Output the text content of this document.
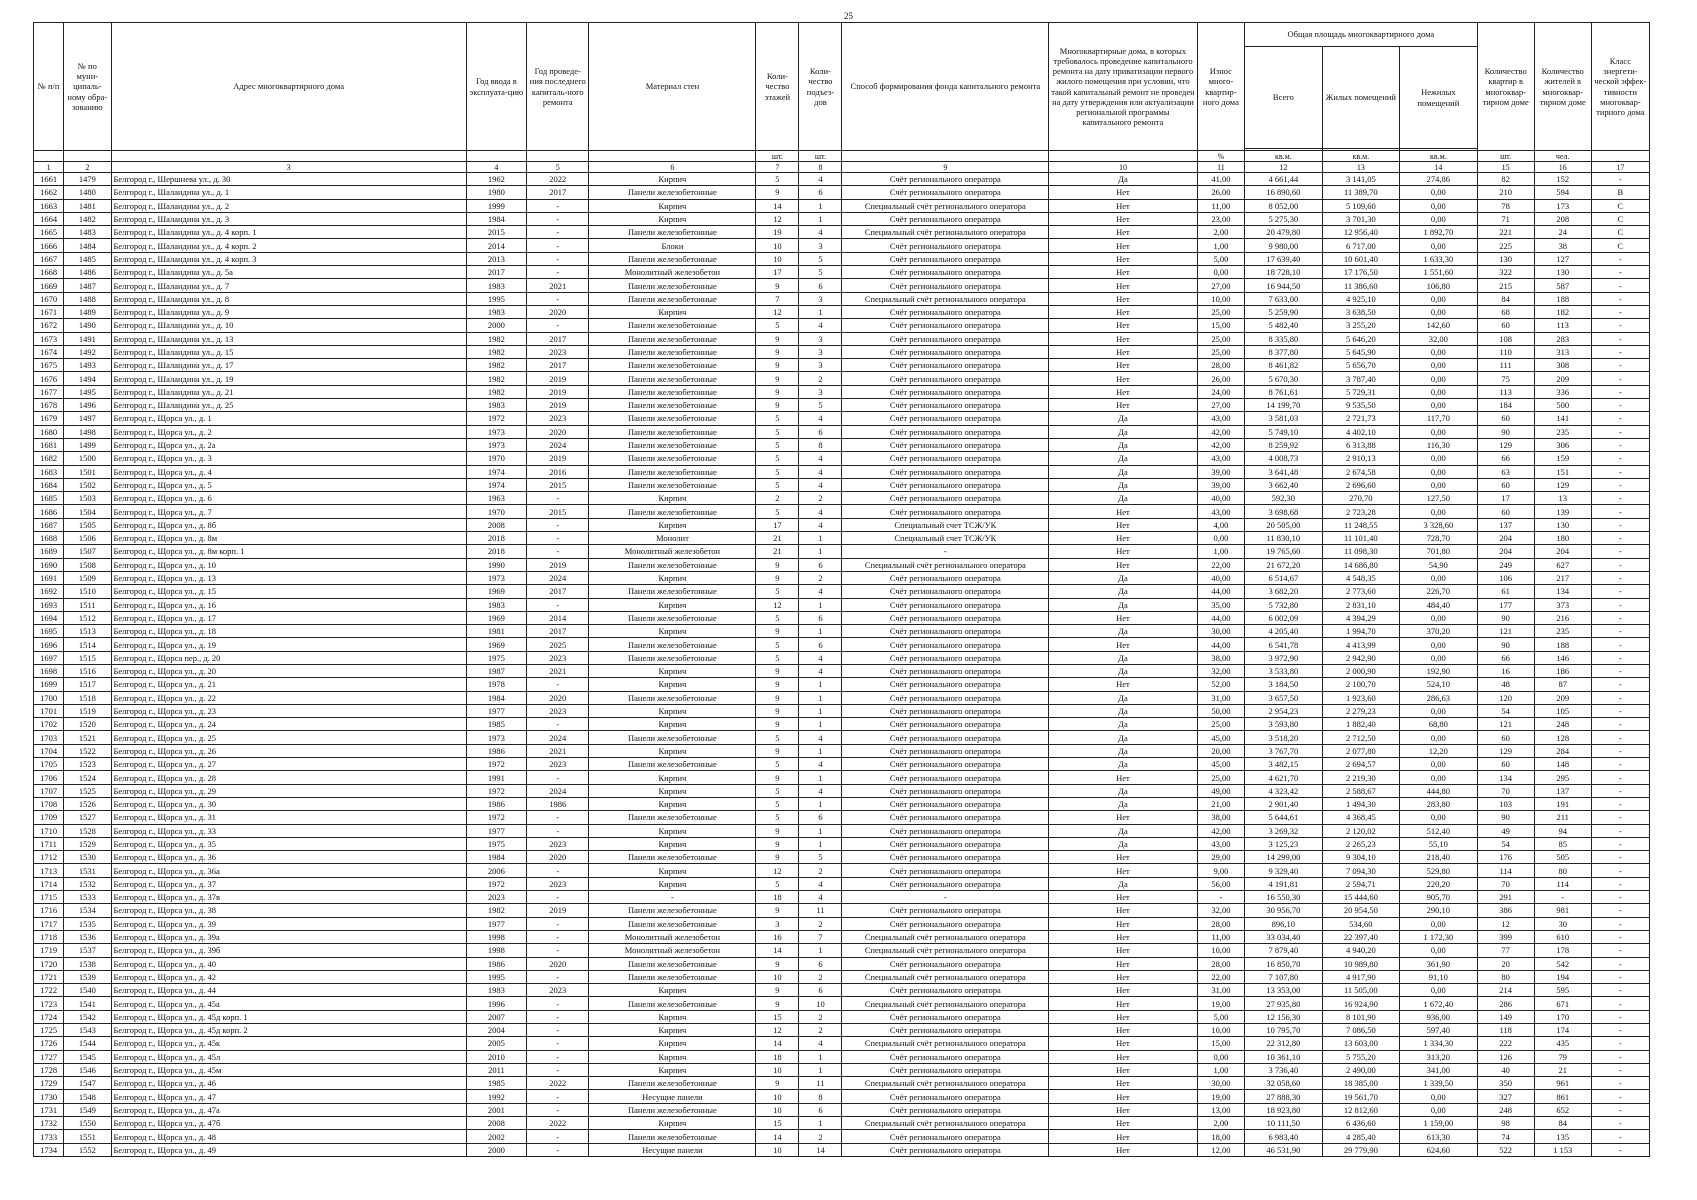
25
№ п/п	№ по муни-ципаль-ному обра-зованию	Адрес многоквартирного дома	Год ввода в эксплуата-цию	Год проведе-ния последнего капиталь-ного ремонта	Материал стен	Коли-чество этажей	Коли-чество подъез-дов	Способ формирования фонда капитального ремонта	Многоквартирные дома, в которых требовалось проведение капитального ремонта на дату приватизации первого жилого помещения при условии, что такой капитальный ремонт не проведен на дату утверждения или актуализации региональной программы капитального ремонта	Износ много-квартир-ного дома	Общая площадь многоквартирного дома			Количество квартир в многоквар-тирном доме	Количество жителей в многоквар-тирном доме	Класс энергети-ческой эффек-тивности многоквар-тирного дома
											Всего	Жилых помещений	Нежилых помещений			

						шт.	шт.			%	кв.м.	кв.м.	кв.м.	шт.	чел.	
1	2	3	4	5	6	7	8	9	10	11	12	13	14	15	16	17
1661	1479	Белгород г., Шершнева ул., д. 30	1962	2022	Кирпич	5	4	Счёт регионального оператора	Да	41,00	4 661,44	3 141,05	274,86	82	152	-
1662	1480	Белгород г., Шаландина ул., д. 1	1980	2017	Панели железобетонные	9	6	Счёт регионального оператора	Нет	26,00	16 890,60	11 389,70	0,00	210	594	B
1663	1481	Белгород г., Шаландина ул., д. 2	1999	-	Кирпич	14	1	Специальный счёт регионального оператора	Нет	11,00	8 052,00	5 109,60	0,00	78	173	C
1664	1482	Белгород г., Шаландина ул., д. 3	1984	-	Кирпич	12	1	Счёт регионального оператора	Нет	23,00	5 275,30	3 701,30	0,00	71	208	C
1665	1483	Белгород г., Шаландина ул., д. 4 корп. 1	2015	-	Панели железобетонные	19	4	Специальный счёт регионального оператора	Нет	2,00	20 479,80	12 956,40	1 892,70	221	24	C
1666	1484	Белгород г., Шаландина ул., д. 4 корп. 2	2014	-	Блоки	10	3	Счёт регионального оператора	Нет	1,00	9 980,00	6 717,00	0,00	225	38	C
1667	1485	Белгород г., Шаландина ул., д. 4 корп. 3	2013	-	Панели железобетонные	10	5	Счёт регионального оператора	Нет	5,00	17 639,40	10 601,40	1 633,30	130	127	-
1668	1486	Белгород г., Шаландина ул., д. 5а	2017	-	Монолитный железобетон	17	5	Счёт регионального оператора	Нет	0,00	18 728,10	17 176,50	1 551,60	322	130	-
1669	1487	Белгород г., Шаландина ул., д. 7	1983	2021	Панели железобетонные	9	6	Счёт регионального оператора	Нет	27,00	16 944,50	11 386,60	106,80	215	587	-
1670	1488	Белгород г., Шаландина ул., д. 8	1995	-	Панели железобетонные	7	3	Специальный счёт регионального оператора	Нет	10,00	7 633,00	4 925,10	0,00	84	188	-
1671	1489	Белгород г., Шаландина ул., д. 9	1983	2020	Кирпич	12	1	Счёт регионального оператора	Нет	25,00	5 259,90	3 638,50	0,00	68	182	-
1672	1490	Белгород г., Шаландина ул., д. 10	2000	-	Панели железобетонные	5	4	Счёт регионального оператора	Нет	15,00	5 482,40	3 255,20	142,60	60	113	-
1673	1491	Белгород г., Шаландина ул., д. 13	1982	2017	Панели железобетонные	9	3	Счёт регионального оператора	Нет	25,00	8 335,80	5 646,20	32,00	108	283	-
1674	1492	Белгород г., Шаландина ул., д. 15	1982	2023	Панели железобетонные	9	3	Счёт регионального оператора	Нет	25,00	8 377,80	5 645,90	0,00	110	313	-
1675	1493	Белгород г., Шаландина ул., д. 17	1982	2017	Панели железобетонные	9	3	Счёт регионального оператора	Нет	28,00	8 461,82	5 656,70	0,00	111	308	-
1676	1494	Белгород г., Шаландина ул., д. 19	1982	2019	Панели железобетонные	9	2	Счёт регионального оператора	Нет	26,00	5 670,30	3 787,40	0,00	75	209	-
1677	1495	Белгород г., Шаландина ул., д. 21	1982	2019	Панели железобетонные	9	3	Счёт регионального оператора	Нет	24,00	8 761,61	5 729,31	0,00	113	336	-
1678	1496	Белгород г., Шаландина ул., д. 25	1983	2019	Панели железобетонные	9	5	Счёт регионального оператора	Нет	27,00	14 199,70	9 535,50	0,00	184	500	-
1679	1497	Белгород г., Щорса ул., д. 1	1972	2023	Панели железобетонные	5	4	Счёт регионального оператора	Да	43,00	3 581,03	2 721,73	117,70	60	141	-
1680	1498	Белгород г., Щорса ул., д. 2	1973	2020	Панели железобетонные	5	6	Счёт регионального оператора	Да	42,00	5 749,10	4 402,10	0,00	90	235	-
1681	1499	Белгород г., Щорса ул., д. 2а	1973	2024	Панели железобетонные	5	8	Счёт регионального оператора	Да	42,00	8 259,92	6 313,88	116,30	129	306	-
1682	1500	Белгород г., Щорса ул., д. 3	1970	2019	Панели железобетонные	5	4	Счёт регионального оператора	Да	43,00	4 008,73	2 910,13	0,00	66	159	-
1683	1501	Белгород г., Щорса ул., д. 4	1974	2016	Панели железобетонные	5	4	Счёт регионального оператора	Да	39,00	3 641,48	2 674,58	0,00	63	151	-
1684	1502	Белгород г., Щорса ул., д. 5	1974	2015	Панели железобетонные	5	4	Счёт регионального оператора	Да	39,00	3 662,40	2 696,60	0,00	60	129	-
1685	1503	Белгород г., Щорса ул., д. 6	1963	-	Кирпич	2	2	Счёт регионального оператора	Да	40,00	592,30	270,70	127,50	17	13	-
1686	1504	Белгород г., Щорса ул., д. 7	1970	2015	Панели железобетонные	5	4	Счёт регионального оператора	Нет	43,00	3 698,68	2 723,28	0,00	60	139	-
1687	1505	Белгород г., Щорса ул., д. 8б	2008	-	Кирпич	17	4	Специальный счет ТСЖ/УК	Нет	4,00	20 505,00	11 248,55	3 328,60	137	130	-
1688	1506	Белгород г., Щорса ул., д. 8м	2018	-	Монолит	21	1	Специальный счет ТСЖ/УК	Нет	0,00	11 830,10	11 101,40	728,70	204	180	-
1689	1507	Белгород г., Щорса ул., д. 8м корп. 1	2018	-	Монолитный железобетон	21	1	-	Нет	1,00	19 765,60	11 098,30	701,80	204	204	-
1690	1508	Белгород г., Щорса ул., д. 10	1990	2019	Панели железобетонные	9	6	Специальный счёт регионального оператора	Нет	22,00	21 672,20	14 686,80	54,90	249	627	-
1691	1509	Белгород г., Щорса ул., д. 13	1973	2024	Кирпич	9	2	Счёт регионального оператора	Да	40,00	6 514,67	4 548,35	0,00	106	217	-
1692	1510	Белгород г., Щорса ул., д. 15	1969	2017	Панели железобетонные	5	4	Счёт регионального оператора	Да	44,00	3 682,20	2 773,60	226,70	61	134	-
1693	1511	Белгород г., Щорса ул., д. 16	1983	-	Кирпич	12	1	Счёт регионального оператора	Да	35,00	5 732,80	2 831,10	484,40	177	373	-
1694	1512	Белгород г., Щорса ул., д. 17	1969	2014	Панели железобетонные	5	6	Счёт регионального оператора	Нет	44,00	6 002,09	4 394,29	0,00	90	216	-
1695	1513	Белгород г., Щорса ул., д. 18	1981	2017	Кирпич	9	1	Счёт регионального оператора	Да	30,00	4 205,40	1 994,70	370,20	121	235	-
1696	1514	Белгород г., Щорса ул., д. 19	1969	2025	Панели железобетонные	5	6	Счёт регионального оператора	Нет	44,00	6 541,78	4 413,99	0,00	90	188	-
1697	1515	Белгород г., Щорса пер., д. 20	1975	2023	Панели железобетонные	5	4	Счёт регионального оператора	Да	38,00	3 972,90	2 942,90	0,00	66	146	-
1698	1516	Белгород г., Щорса ул., д. 20	1987	2021	Кирпич	9	4	Счёт регионального оператора	Да	32,00	3 533,80	2 000,90	192,90	16	186	-
1699	1517	Белгород г., Щорса ул., д. 21	1978	-	Кирпич	9	1	Счёт регионального оператора	Нет	52,00	3 184,50	2 100,70	524,10	48	87	-
1700	1518	Белгород г., Щорса ул., д. 22	1984	2020	Панели железобетонные	9	1	Счёт регионального оператора	Да	31,00	3 657,50	1 923,60	286,63	120	209	-
1701	1519	Белгород г., Щорса ул., д. 23	1977	2023	Кирпич	9	1	Счёт регионального оператора	Да	50,00	2 954,23	2 279,23	0,00	54	105	-
1702	1520	Белгород г., Щорса ул., д. 24	1985	-	Кирпич	9	1	Счёт регионального оператора	Да	25,00	3 593,80	1 882,40	68,80	121	248	-
1703	1521	Белгород г., Щорса ул., д. 25	1973	2024	Панели железобетонные	5	4	Счёт регионального оператора	Да	45,00	3 518,20	2 712,50	0,00	60	128	-
1704	1522	Белгород г., Щорса ул., д. 26	1986	2021	Кирпич	9	1	Счёт регионального оператора	Да	20,00	3 767,70	2 077,80	12,20	129	284	-
1705	1523	Белгород г., Щорса ул., д. 27	1972	2023	Панели железобетонные	5	4	Счёт регионального оператора	Да	45,00	3 482,15	2 694,57	0,00	60	148	-
1706	1524	Белгород г., Щорса ул., д. 28	1991	-	Кирпич	9	1	Счёт регионального оператора	Нет	25,00	4 621,70	2 219,30	0,00	134	295	-
1707	1525	Белгород г., Щорса ул., д. 29	1972	2024	Кирпич	5	4	Счёт регионального оператора	Да	49,00	4 323,42	2 588,67	444,80	70	137	-
1708	1526	Белгород г., Щорса ул., д. 30	1986	1986	Кирпич	5	1	Счёт регионального оператора	Да	21,00	2 901,40	1 494,30	283,80	103	191	-
1709	1527	Белгород г., Щорса ул., д. 31	1972	-	Панели железобетонные	5	6	Счёт регионального оператора	Нет	38,00	5 644,61	4 368,45	0,00	90	211	-
1710	1528	Белгород г., Щорса ул., д. 33	1977	-	Кирпич	9	1	Счёт регионального оператора	Да	42,00	3 269,32	2 120,02	512,40	49	94	-
1711	1529	Белгород г., Щорса ул., д. 35	1975	2023	Кирпич	9	1	Счёт регионального оператора	Да	43,00	3 125,23	2 265,23	55,10	54	85	-
1712	1530	Белгород г., Щорса ул., д. 36	1984	2020	Панели железобетонные	9	5	Счёт регионального оператора	Нет	29,00	14 299,00	9 304,10	218,40	176	505	-
1713	1531	Белгород г., Щорса ул., д. 36а	2006	-	Кирпич	12	2	Счёт регионального оператора	Нет	9,00	9 329,40	7 094,30	529,80	114	80	-
1714	1532	Белгород г., Щорса ул., д. 37	1972	2023	Кирпич	5	4	Счёт регионального оператора	Да	56,00	4 191,81	2 594,71	220,20	70	114	-
1715	1533	Белгород г., Щорса ул., д. 37в	2023	-	-	18	4	-	Нет	-	16 550,30	15 444,60	905,70	291	-	-
1716	1534	Белгород г., Щорса ул., д. 38	1982	2019	Панели железобетонные	9	11	Счёт регионального оператора	Нет	32,00	30 956,70	20 954,50	290,10	386	981	-
1717	1535	Белгород г., Щорса ул., д. 39	1977	-	Панели железобетонные	3	2	Счёт регионального оператора	Нет	28,00	896,10	534,60	0,00	12	30	-
1718	1536	Белгород г., Щорса ул., д. 39а	1998	-	Монолитный железобетон	16	7	Специальный счёт регионального оператора	Нет	11,00	33 034,40	22 397,40	1 172,30	399	610	-
1719	1537	Белгород г., Щорса ул., д. 39б	1998	-	Монолитный железобетон	14	1	Специальный счёт регионального оператора	Нет	10,00	7 879,40	4 940,20	0,00	77	178	-
1720	1538	Белгород г., Щорса ул., д. 40	1986	2020	Панели железобетонные	9	6	Счёт регионального оператора	Нет	28,00	16 850,70	10 989,80	361,90	20	542	-
1721	1539	Белгород г., Щорса ул., д. 42	1995	-	Панели железобетонные	10	2	Специальный счёт регионального оператора	Нет	22,00	7 107,80	4 917,90	91,10	80	194	-
1722	1540	Белгород г., Щорса ул., д. 44	1983	2023	Кирпич	9	6	Счёт регионального оператора	Нет	31,00	13 353,00	11 505,00	0,00	214	595	-
1723	1541	Белгород г., Щорса ул., д. 45а	1996	-	Панели железобетонные	9	10	Специальный счёт регионального оператора	Нет	19,00	27 935,80	16 924,90	1 672,40	286	671	-
1724	1542	Белгород г., Щорса ул., д. 45д корп. 1	2007	-	Кирпич	15	2	Счёт регионального оператора	Нет	5,00	12 156,30	8 101,90	936,00	149	170	-
1725	1543	Белгород г., Щорса ул., д. 45д корп. 2	2004	-	Кирпич	12	2	Счёт регионального оператора	Нет	10,00	10 795,70	7 086,50	597,40	118	174	-
1726	1544	Белгород г., Щорса ул., д. 45к	2005	-	Кирпич	14	4	Специальный счёт регионального оператора	Нет	15,00	22 312,80	13 603,00	1 334,30	222	435	-
1727	1545	Белгород г., Щорса ул., д. 45л	2010	-	Кирпич	18	1	Счёт регионального оператора	Нет	0,00	10 361,10	5 755,20	313,20	126	79	-
1728	1546	Белгород г., Щорса ул., д. 45м	2011	-	Кирпич	10	1	Счёт регионального оператора	Нет	1,00	3 736,40	2 490,00	341,00	40	21	-
1729	1547	Белгород г., Щорса ул., д. 46	1985	2022	Панели железобетонные	9	11	Специальный счёт регионального оператора	Нет	30,00	32 058,60	18 385,00	1 339,50	350	961	-
1730	1548	Белгород г., Щорса ул., д. 47	1992	-	Несущие панели	10	8	Счёт регионального оператора	Нет	19,00	27 888,30	19 561,70	0,00	327	861	-
1731	1549	Белгород г., Щорса ул., д. 47а	2001	-	Панели железобетонные	10	6	Счёт регионального оператора	Нет	13,00	18 923,80	12 812,60	0,00	248	652	-
1732	1550	Белгород г., Щорса ул., д. 47б	2008	2022	Кирпич	15	1	Специальный счёт регионального оператора	Нет	2,00	10 111,50	6 436,60	1 159,00	98	84	-
1733	1551	Белгород г., Щорса ул., д. 48	2002	-	Панели железобетонные	14	2	Счёт регионального оператора	Нет	18,00	6 983,40	4 285,40	613,30	74	135	-
1734	1552	Белгород г., Щорса ул., д. 49	2000	-	Несущие панели	10	14	Счёт регионального оператора	Нет	12,00	46 531,90	29 779,90	624,60	522	1 153	-
